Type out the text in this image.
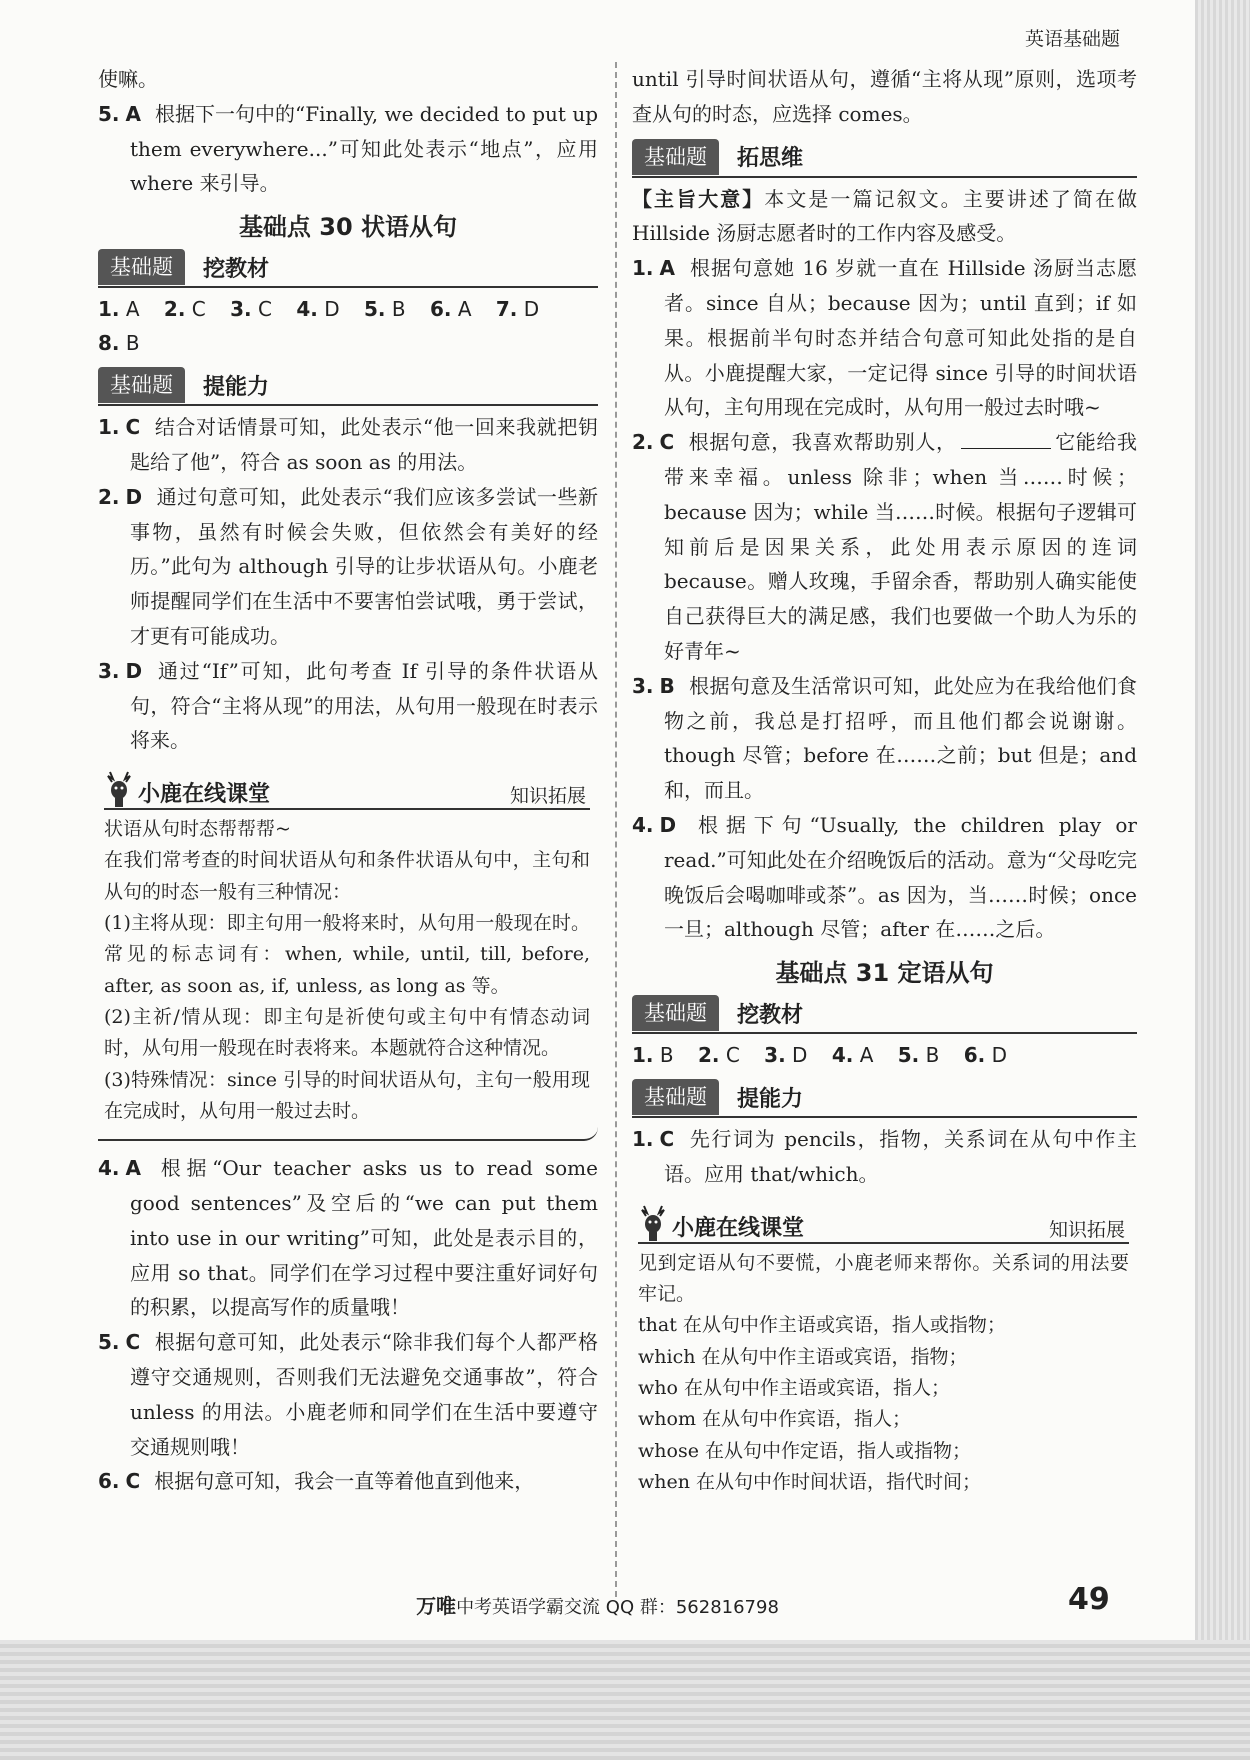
英语基础题

使嘛。

5. A 根据下一句中的“Finally, we decided to put up them everywhere...”可知此处表示“地点”，应用 where 来引导。

基础点 30 状语从句
基础题	挖教材
1. A 2. C 3. C 4. D 5. B 6. A 7. D
8. B
基础题	提能力

1. C 结合对话情景可知，此处表示“他一回来我就把钥匙给了他”，符合 as soon as 的用法。

2. D 通过句意可知，此处表示“我们应该多尝试一些新事物，虽然有时候会失败，但依然会有美好的经历。”此句为 although 引导的让步状语从句。小鹿老师提醒同学们在生活中不要害怕尝试哦，勇于尝试，才更有可能成功。

3. D 通过“If”可知，此句考查 If 引导的条件状语从句，符合“主将从现”的用法，从句用一般现在时表示将来。

小鹿在线课堂	知识拓展

状语从句时态帮帮帮~

在我们常考查的时间状语从句和条件状语从句中，主句和从句的时态一般有三种情况：

(1)主将从现：即主句用一般将来时，从句用一般现在时。常见的标志词有：when, while, until, till, before, after, as soon as, if, unless, as long as 等。

(2)主祈/情从现：即主句是祈使句或主句中有情态动词时，从句用一般现在时表将来。本题就符合这种情况。

(3)特殊情况：since 引导的时间状语从句，主句一般用现在完成时，从句用一般过去时。

4. A 根据“Our teacher asks us to read some good sentences”及空后的“we can put them into use in our writing”可知，此处是表示目的，应用 so that。同学们在学习过程中要注重好词好句的积累，以提高写作的质量哦！

5. C 根据句意可知，此处表示“除非我们每个人都严格遵守交通规则，否则我们无法避免交通事故”，符合 unless 的用法。小鹿老师和同学们在生活中要遵守交通规则哦！

6. C 根据句意可知，我会一直等着他直到他来，

until 引导时间状语从句，遵循“主将从现”原则，选项考查从句的时态，应选择 comes。

基础题	拓思维

【主旨大意】本文是一篇记叙文。主要讲述了简在做 Hillside 汤厨志愿者时的工作内容及感受。

1. A 根据句意她 16 岁就一直在 Hillside 汤厨当志愿者。since 自从；because 因为；until 直到；if 如果。根据前半句时态并结合句意可知此处指的是自从。小鹿提醒大家，一定记得 since 引导的时间状语从句，主句用现在完成时，从句用一般过去时哦~

2. C 根据句意，我喜欢帮助别人，	它能给我带来幸福。unless 除非；when 当……时候；because 因为；while 当……时候。根据句子逻辑可知前后是因果关系，此处用表示原因的连词 because。赠人玫瑰，手留余香，帮助别人确实能使自己获得巨大的满足感，我们也要做一个助人为乐的好青年~

3. B 根据句意及生活常识可知，此处应为在我给他们食物之前，我总是打招呼，而且他们都会说谢谢。though 尽管；before 在……之前；but 但是；and 和，而且。

4. D 根据下句“Usually, the children play or read.”可知此处在介绍晚饭后的活动。意为“父母吃完晚饭后会喝咖啡或茶”。as 因为，当……时候；once 一旦；although 尽管；after 在……之后。

基础点 31 定语从句
基础题	挖教材
1. B 2. C 3. D 4. A 5. B 6. D
基础题	提能力

1. C 先行词为 pencils，指物，关系词在从句中作主语。应用 that/which。

小鹿在线课堂	知识拓展

见到定语从句不要慌，小鹿老师来帮你。关系词的用法要牢记。

that 在从句中作主语或宾语，指人或指物；

which 在从句中作主语或宾语，指物；

who 在从句中作主语或宾语，指人；

whom 在从句中作宾语，指人；

whose 在从句中作定语，指人或指物；

when 在从句中作时间状语，指代时间；

万唯中考英语学霸交流 QQ 群：562816798	49
